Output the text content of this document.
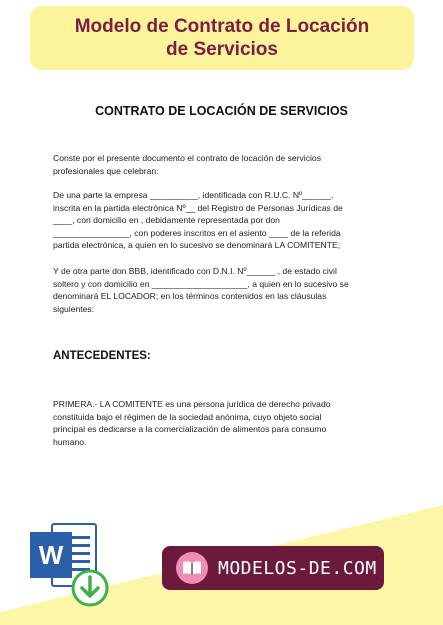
Modelo de Contrato de Locación
de Servicios
CONTRATO DE LOCACIÓN DE SERVICIOS
Conste por el presente documento el contrato de locación de servicios
profesionales que celebran:
De una parte la empresa __________, identificada con R.U.C. Nº______,
inscrita en la partida electrónica Nº__ del Registro de Personas Jurídicas de
____, con domicilio en , debidamente representada por don
________________, con poderes inscritos en el asiento ____ de la referida
partida electrónica, a quien en lo sucesivo se denominará LA COMITENTE;
Y de otra parte don BBB, identificado con D.N.I. Nº______ , de estado civil
soltero y con domicilio en ____________________, a quien en lo sucesivo se
denominará EL LOCADOR; en los términos contenidos en las cláusulas
siguientes:
ANTECEDENTES:
PRIMERA.- LA COMITENTE es una persona jurídica de derecho privado
constituida bajo el régimen de la sociedad anónima, cuyo objeto social
principal es dedicarse a la comercialización de alimentos para consumo
humano.
W	MODELOS-DE.COM
